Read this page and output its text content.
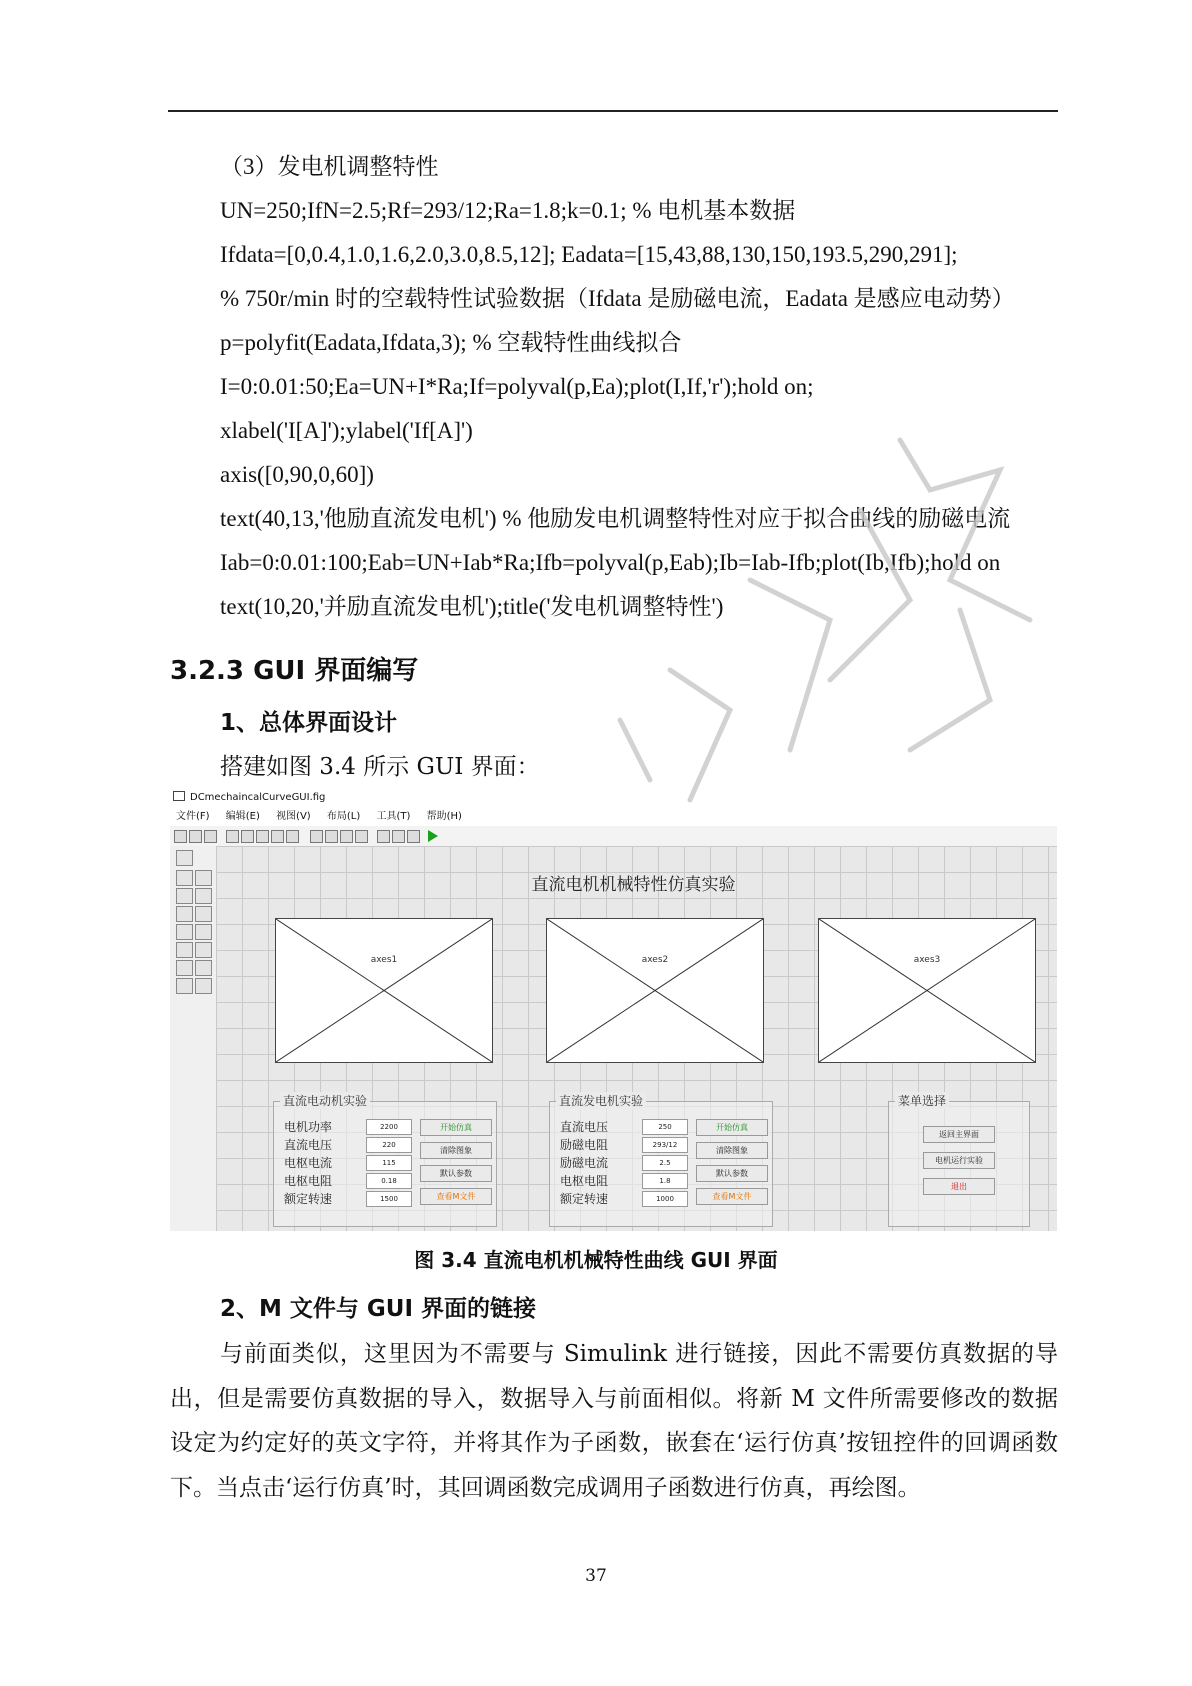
（3）发电机调整特性
UN=250;IfN=2.5;Rf=293/12;Ra=1.8;k=0.1; % 电机基本数据
Ifdata=[0,0.4,1.0,1.6,2.0,3.0,8.5,12]; Eadata=[15,43,88,130,150,193.5,290,291];
% 750r/min 时的空载特性试验数据（Ifdata 是励磁电流，Eadata 是感应电动势）
p=polyfit(Eadata,Ifdata,3); % 空载特性曲线拟合
I=0:0.01:50;Ea=UN+I*Ra;If=polyval(p,Ea);plot(I,If,'r');hold on;
xlabel('I[A]');ylabel('If[A]')
axis([0,90,0,60])
text(40,13,'他励直流发电机') % 他励发电机调整特性对应于拟合曲线的励磁电流
Iab=0:0.01:100;Eab=UN+Iab*Ra;Ifb=polyval(p,Eab);Ib=Iab-Ifb;plot(Ib,Ifb);hold on
text(10,20,'并励直流发电机');title('发电机调整特性')
3.2.3 GUI 界面编写
1、总体界面设计
搭建如图 3.4 所示 GUI 界面：
DCmechaincalCurveGUI.fig
文件(F) 编辑(E) 视图(V) 布局(L) 工具(T) 帮助(H)
直流电机机械特性仿真实验
axes1	axes2	axes3
直流电动机实验
电机功率	2200
直流电压	220
电枢电流	115
电枢电阻	0.18
额定转速	1500
开始仿真
清除图象
默认参数
查看M文件
直流发电机实验
直流电压	250
励磁电阻	293/12
励磁电流	2.5
电枢电阻	1.8
额定转速	1000
开始仿真
清除图象
默认参数
查看M文件
菜单选择
返回主界面
电机运行实验
退出
图 3.4 直流电机机械特性曲线 GUI 界面
2、M 文件与 GUI 界面的链接
与前面类似，这里因为不需要与 Simulink 进行链接，因此不需要仿真数据的导出，但是需要仿真数据的导入，数据导入与前面相似。将新 M 文件所需要修改的数据设定为约定好的英文字符，并将其作为子函数，嵌套在‘运行仿真’按钮控件的回调函数下。当点击‘运行仿真’时，其回调函数完成调用子函数进行仿真，再绘图。
37
